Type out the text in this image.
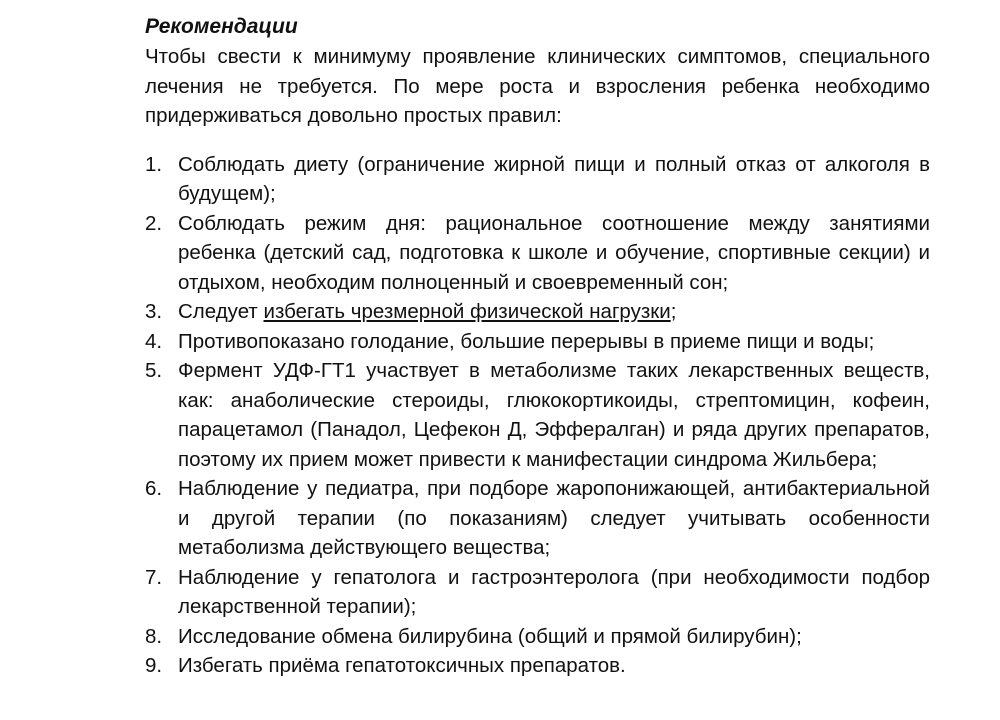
Рекомендации

Чтобы свести к минимуму проявление клинических симптомов, специального лечения не требуется. По мере роста и взросления ребенка необходимо придерживаться довольно простых правил:

1. Соблюдать диету (ограничение жирной пищи и полный отказ от алкоголя в будущем);
2. Соблюдать режим дня: рациональное соотношение между занятиями ребенка (детский сад, подготовка к школе и обучение, спортивные секции) и отдыхом, необходим полноценный и своевременный сон;
3. Следует избегать чрезмерной физической нагрузки;
4. Противопоказано голодание, большие перерывы в приеме пищи и воды;
5. Фермент УДФ-ГТ1 участвует в метаболизме таких лекарственных веществ, как: анаболические стероиды, глюкокортикоиды, стрептомицин, кофеин, парацетамол (Панадол, Цефекон Д, Эффералган) и ряда других препаратов, поэтому их прием может привести к манифестации синдрома Жильбера;
6. Наблюдение у педиатра, при подборе жаропонижающей, антибактериальной и другой терапии (по показаниям) следует учитывать особенности метаболизма действующего вещества;
7. Наблюдение у гепатолога и гастроэнтеролога (при необходимости подбор лекарственной терапии);
8. Исследование обмена билирубина (общий и прямой билирубин);
9. Избегать приёма гепатотоксичных препаратов.
